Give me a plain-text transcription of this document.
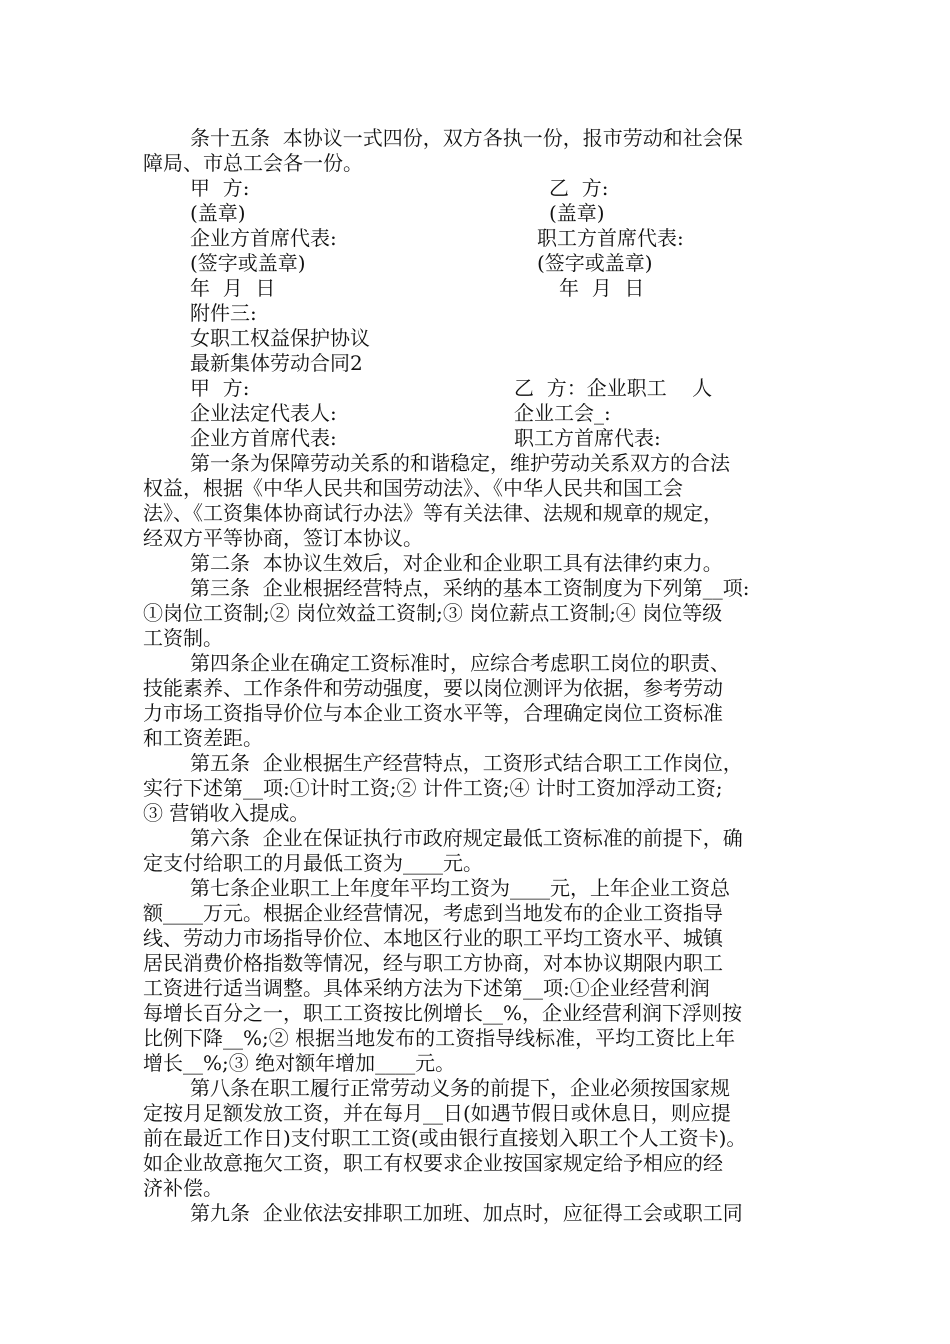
条十五条  本协议一式四份，双方各执一份，报市劳动和社会保
障局、市总工会各一份。
甲  方:	乙  方:
(盖章)	(盖章)
企业方首席代表:	职工方首席代表:
(签字或盖章)	(签字或盖章)
年  月  日	年  月  日
附件三:
女职工权益保护协议
最新集体劳动合同2
甲  方:	乙  方：企业职工    人
企业法定代表人:	企业工会_:
企业方首席代表:	职工方首席代表:
第一条为保障劳动关系的和谐稳定，维护劳动关系双方的合法
权益，根据《中华人民共和国劳动法》、《中华人民共和国工会
法》、《工资集体协商试行办法》等有关法律、法规和规章的规定，
经双方平等协商，签订本协议。
第二条  本协议生效后，对企业和企业职工具有法律约束力。
第三条  企业根据经营特点，采纳的基本工资制度为下列第__项:
①岗位工资制;② 岗位效益工资制;③ 岗位薪点工资制;④ 岗位等级
工资制。
第四条企业在确定工资标准时，应综合考虑职工岗位的职责、
技能素养、工作条件和劳动强度，要以岗位测评为依据，参考劳动
力市场工资指导价位与本企业工资水平等，合理确定岗位工资标准
和工资差距。
第五条  企业根据生产经营特点，工资形式结合职工工作岗位，
实行下述第__项:①计时工资;② 计件工资;④ 计时工资加浮动工资;
③ 营销收入提成。
第六条  企业在保证执行市政府规定最低工资标准的前提下，确
定支付给职工的月最低工资为____元。
第七条企业职工上年度年平均工资为____元，上年企业工资总
额____万元。根据企业经营情况，考虑到当地发布的企业工资指导
线、劳动力市场指导价位、本地区行业的职工平均工资水平、城镇
居民消费价格指数等情况，经与职工方协商，对本协议期限内职工
工资进行适当调整。具体采纳方法为下述第__项:①企业经营利润
每增长百分之一，职工工资按比例增长__%，企业经营利润下浮则按
比例下降__%;② 根据当地发布的工资指导线标准，平均工资比上年
增长__%;③ 绝对额年增加____元。
第八条在职工履行正常劳动义务的前提下，企业必须按国家规
定按月足额发放工资，并在每月__日(如遇节假日或休息日，则应提
前在最近工作日)支付职工工资(或由银行直接划入职工个人工资卡)。
如企业故意拖欠工资，职工有权要求企业按国家规定给予相应的经
济补偿。
第九条  企业依法安排职工加班、加点时，应征得工会或职工同
